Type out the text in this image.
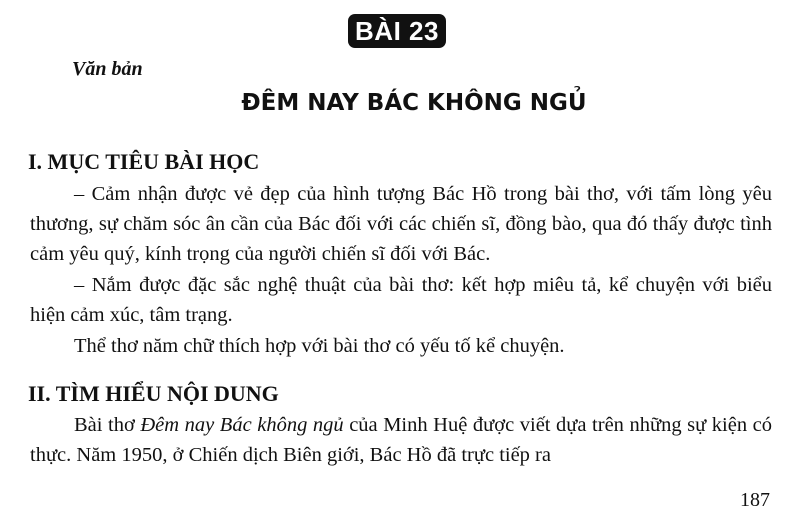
BÀI 23
Văn bản
ĐÊM NAY BÁC KHÔNG NGỦ
I. MỤC TIÊU BÀI HỌC
– Cảm nhận được vẻ đẹp của hình tượng Bác Hồ trong bài thơ, với tấm lòng yêu thương, sự chăm sóc ân cần của Bác đối với các chiến sĩ, đồng bào, qua đó thấy được tình cảm yêu quý, kính trọng của người chiến sĩ đối với Bác.
– Nắm được đặc sắc nghệ thuật của bài thơ: kết hợp miêu tả, kể chuyện với biểu hiện cảm xúc, tâm trạng.
Thể thơ năm chữ thích hợp với bài thơ có yếu tố kể chuyện.
II. TÌM HIỂU NỘI DUNG
Bài thơ Đêm nay Bác không ngủ của Minh Huệ được viết dựa trên những sự kiện có thực. Năm 1950, ở Chiến dịch Biên giới, Bác Hồ đã trực tiếp ra
187
